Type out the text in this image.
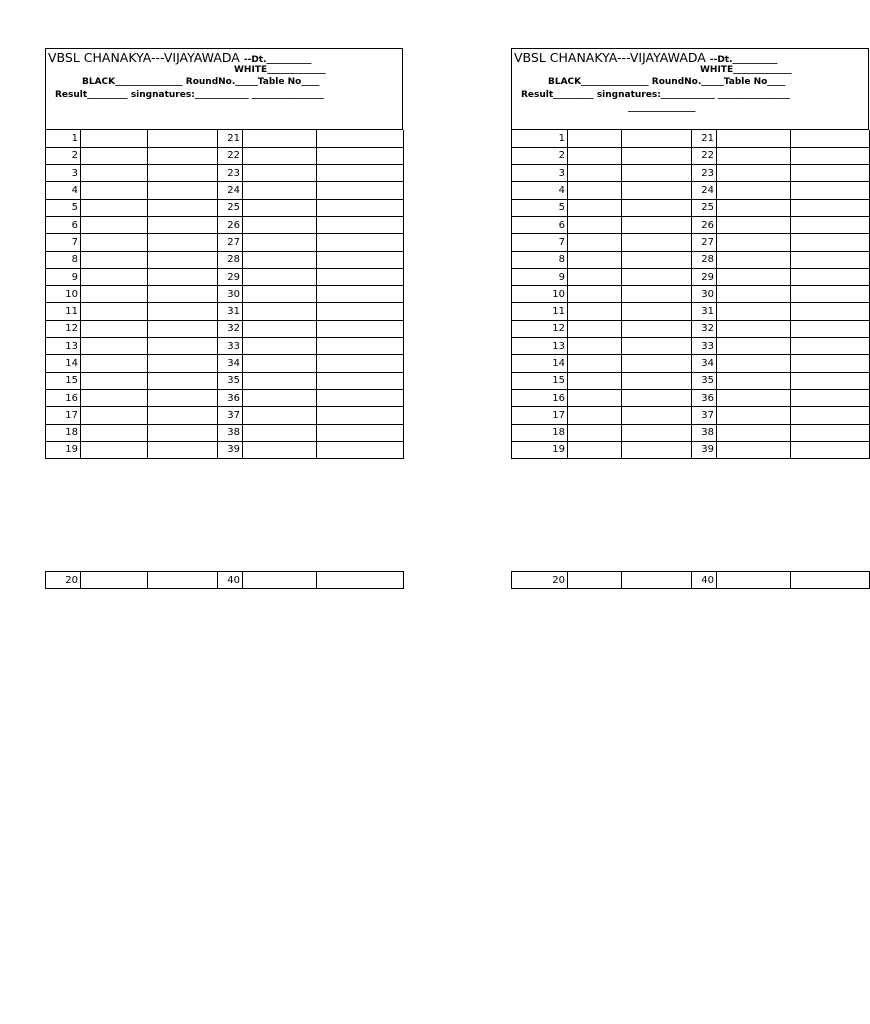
VBSL CHANAKYA---VIJAYAWADA --Dt.__________
WHITE_____________
BLACK_______________ RoundNo._____Table No____
Result_________ singnatures:____________ ________________
1			21		
2			22		
3			23		
4			24		
5			25		
6			26		
7			27		
8			28		
9			29		
10			30		
11			31		
12			32		
13			33		
14			34		
15			35		
16			36		
17			37		
18			38		
19			39		
20			40		
VBSL CHANAKYA---VIJAYAWADA --Dt.__________
WHITE_____________
BLACK_______________ RoundNo._____Table No____
Result_________ singnatures:____________ ________________
_______________
1			21		
2			22		
3			23		
4			24		
5			25		
6			26		
7			27		
8			28		
9			29		
10			30		
11			31		
12			32		
13			33		
14			34		
15			35		
16			36		
17			37		
18			38		
19			39		
20			40		
